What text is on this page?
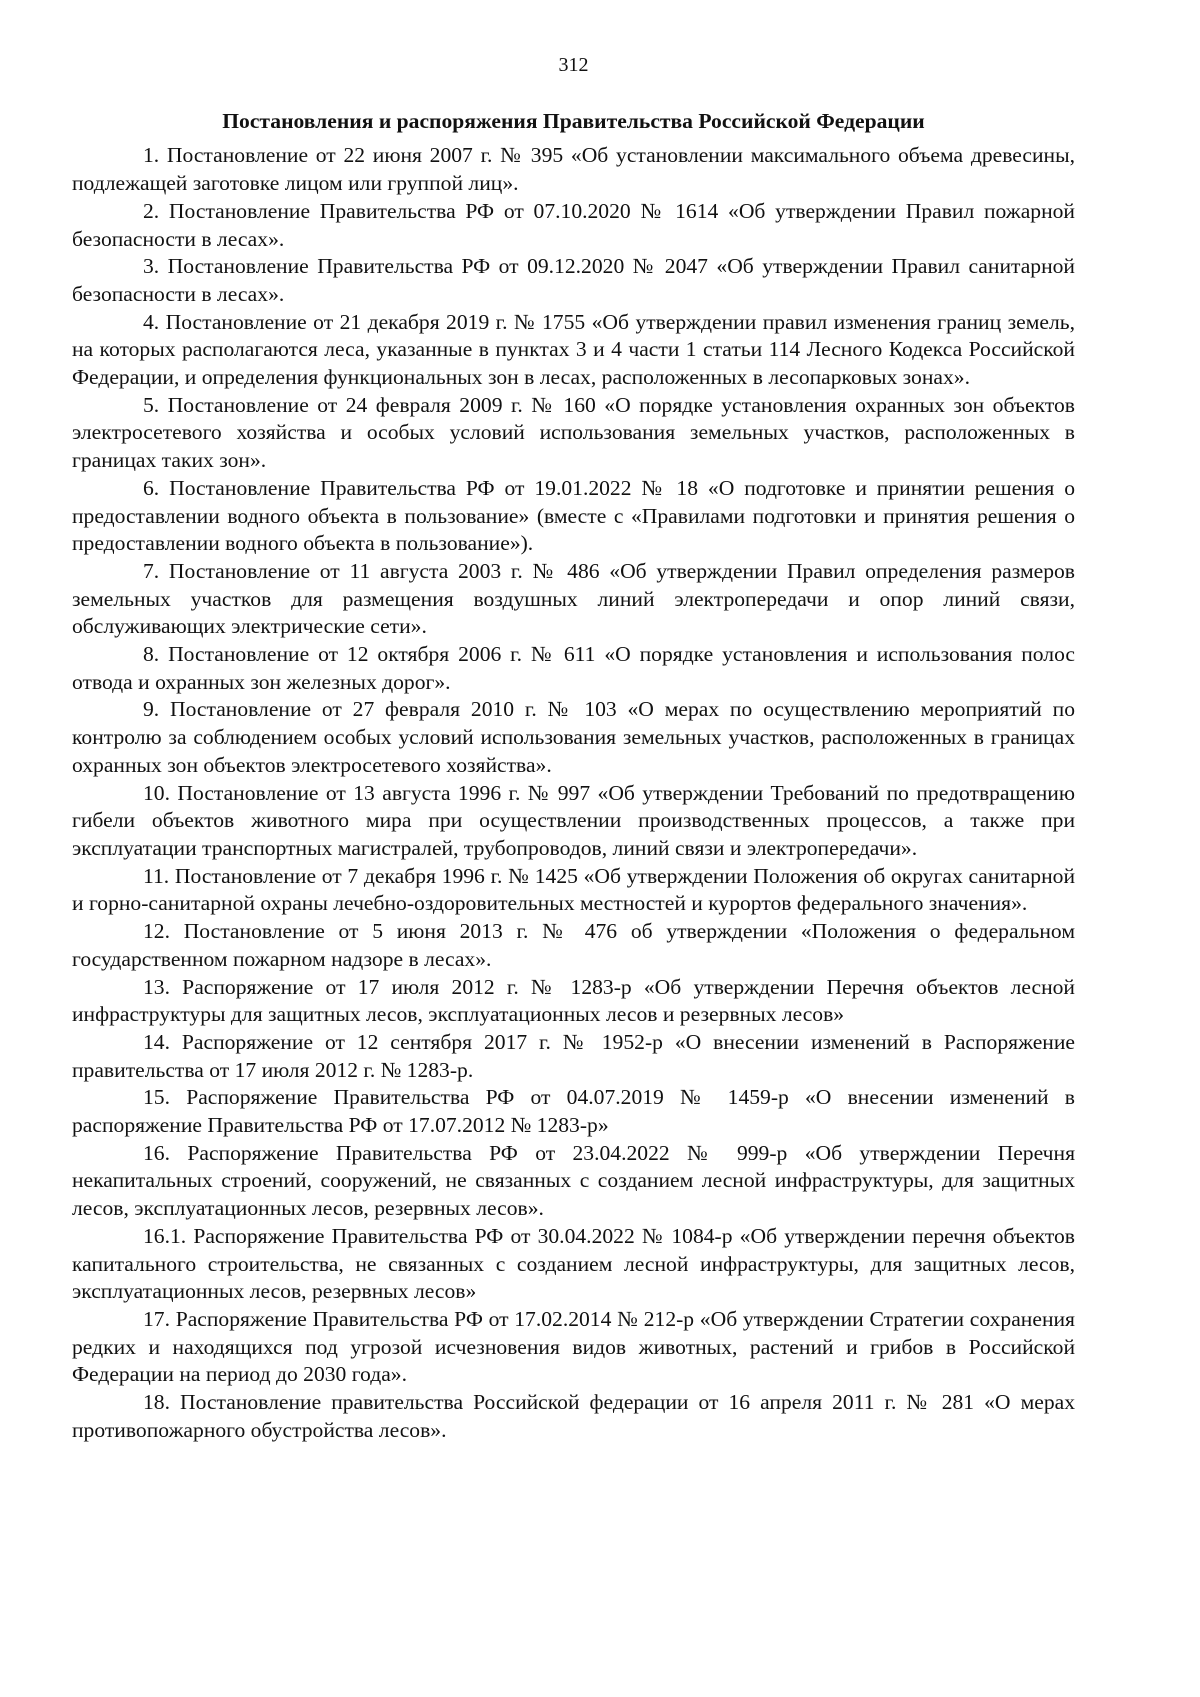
312
Постановления и распоряжения Правительства Российской Федерации

1. Постановление от 22 июня 2007 г. № 395 «Об установлении максимального объема древесины, подлежащей заготовке лицом или группой лиц».

2. Постановление Правительства РФ от 07.10.2020 № 1614 «Об утверждении Правил пожарной безопасности в лесах».

3. Постановление Правительства РФ от 09.12.2020 № 2047 «Об утверждении Правил санитарной безопасности в лесах».

4. Постановление от 21 декабря 2019 г. № 1755 «Об утверждении правил изменения границ земель, на которых располагаются леса, указанные в пунктах 3 и 4 части 1 статьи 114 Лесного Кодекса Российской Федерации, и определения функциональных зон в лесах, расположенных в лесопарковых зонах».

5. Постановление от 24 февраля 2009 г. № 160 «О порядке установления охранных зон объектов электросетевого хозяйства и особых условий использования земельных участков, расположенных в границах таких зон».

6. Постановление Правительства РФ от 19.01.2022 № 18 «О подготовке и принятии решения о предоставлении водного объекта в пользование» (вместе с «Правилами подготовки и принятия решения о предоставлении водного объекта в пользование»).

7. Постановление от 11 августа 2003 г. № 486 «Об утверждении Правил определения размеров земельных участков для размещения воздушных линий электропередачи и опор линий связи, обслуживающих электрические сети».

8. Постановление от 12 октября 2006 г. № 611 «О порядке установления и использования полос отвода и охранных зон железных дорог».

9. Постановление от 27 февраля 2010 г. № 103 «О мерах по осуществлению мероприятий по контролю за соблюдением особых условий использования земельных участков, расположенных в границах охранных зон объектов электросетевого хозяйства».

10. Постановление от 13 августа 1996 г. № 997 «Об утверждении Требований по предотвращению гибели объектов животного мира при осуществлении производственных процессов, а также при эксплуатации транспортных магистралей, трубопроводов, линий связи и электропередачи».

11. Постановление от 7 декабря 1996 г. № 1425 «Об утверждении Положения об округах санитарной и горно-санитарной охраны лечебно-оздоровительных местностей и курортов федерального значения».

12. Постановление от 5 июня 2013 г. № 476 об утверждении «Положения о федеральном государственном пожарном надзоре в лесах».

13. Распоряжение от 17 июля 2012 г. № 1283-р «Об утверждении Перечня объектов лесной инфраструктуры для защитных лесов, эксплуатационных лесов и резервных лесов»

14. Распоряжение от 12 сентября 2017 г. № 1952-р «О внесении изменений в Распоряжение правительства от 17 июля 2012 г. № 1283-р.

15. Распоряжение Правительства РФ от 04.07.2019 № 1459-р «О внесении изменений в распоряжение Правительства РФ от 17.07.2012 № 1283-р»

16. Распоряжение Правительства РФ от 23.04.2022 № 999-р «Об утверждении Перечня некапитальных строений, сооружений, не связанных с созданием лесной инфраструктуры, для защитных лесов, эксплуатационных лесов, резервных лесов».

16.1. Распоряжение Правительства РФ от 30.04.2022 № 1084-р «Об утверждении перечня объектов капитального строительства, не связанных с созданием лесной инфраструктуры, для защитных лесов, эксплуатационных лесов, резервных лесов»

17. Распоряжение Правительства РФ от 17.02.2014 № 212-р «Об утверждении Стратегии сохранения редких и находящихся под угрозой исчезновения видов животных, растений и грибов в Российской Федерации на период до 2030 года».

18. Постановление правительства Российской федерации от 16 апреля 2011 г. № 281 «О мерах противопожарного обустройства лесов».
